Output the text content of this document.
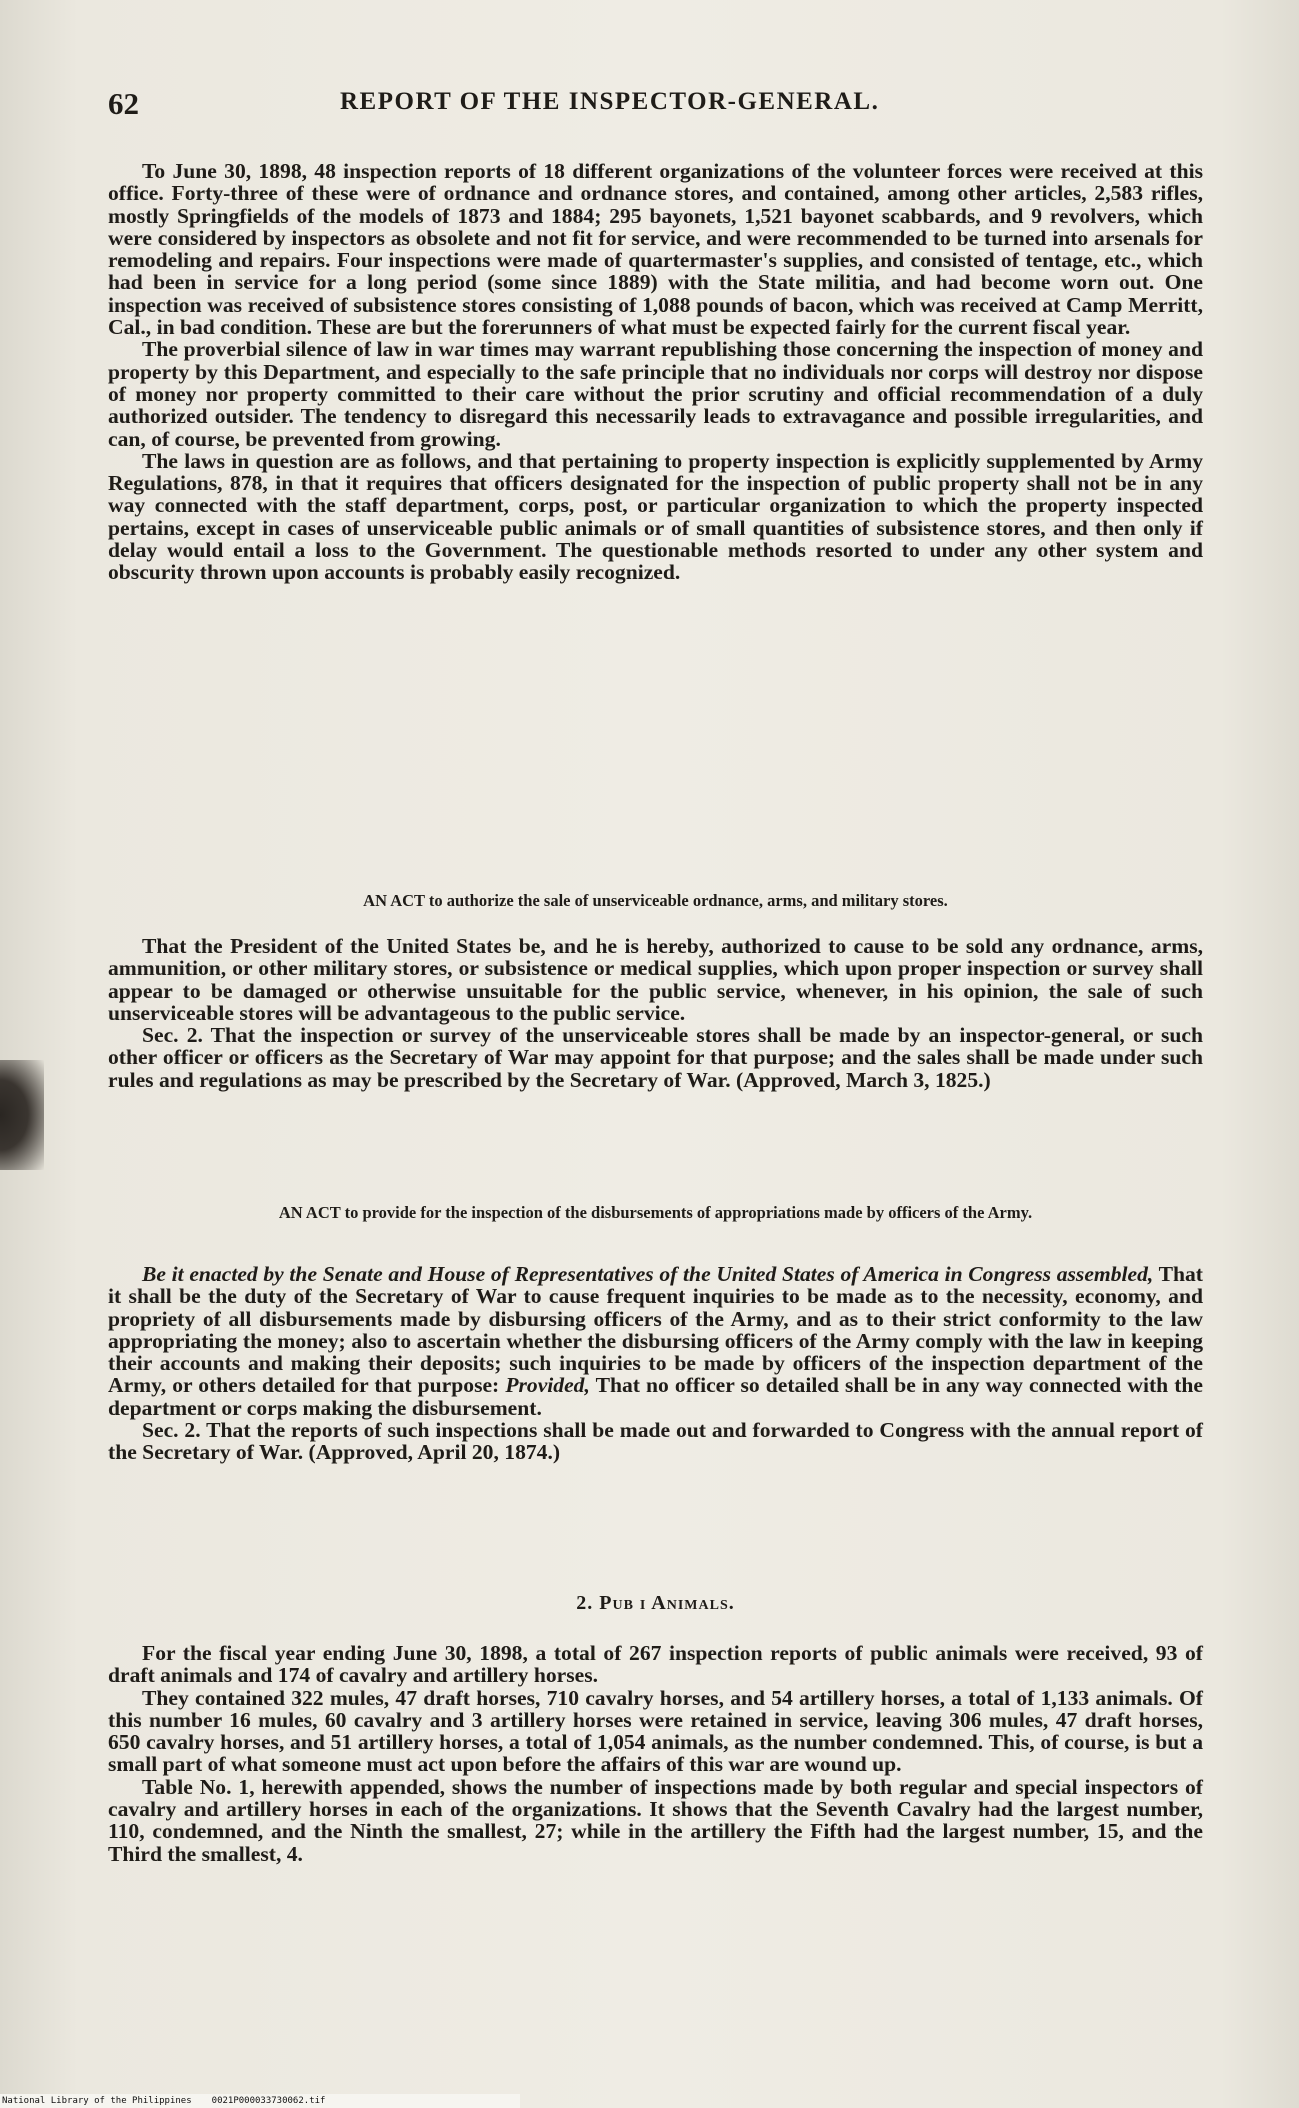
62	REPORT OF THE INSPECTOR-GENERAL.

To June 30, 1898, 48 inspection reports of 18 different organizations of the volunteer forces were received at this office. Forty-three of these were of ordnance and ordnance stores, and contained, among other articles, 2,583 rifles, mostly Springfields of the models of 1873 and 1884; 295 bayonets, 1,521 bayonet scabbards, and 9 revolvers, which were considered by inspectors as obsolete and not fit for service, and were recommended to be turned into arsenals for remodeling and repairs. Four inspections were made of quartermaster's supplies, and consisted of tentage, etc., which had been in service for a long period (some since 1889) with the State militia, and had become worn out. One inspection was received of subsistence stores consisting of 1,088 pounds of bacon, which was received at Camp Merritt, Cal., in bad condition. These are but the forerunners of what must be expected fairly for the current fiscal year.

The proverbial silence of law in war times may warrant republishing those concerning the inspection of money and property by this Department, and especially to the safe principle that no individuals nor corps will destroy nor dispose of money nor property committed to their care without the prior scrutiny and official recommendation of a duly authorized outsider. The tendency to disregard this necessarily leads to extravagance and possible irregularities, and can, of course, be prevented from growing.

The laws in question are as follows, and that pertaining to property inspection is explicitly supplemented by Army Regulations, 878, in that it requires that officers designated for the inspection of public property shall not be in any way connected with the staff department, corps, post, or particular organization to which the property inspected pertains, except in cases of unserviceable public animals or of small quantities of subsistence stores, and then only if delay would entail a loss to the Government. The questionable methods resorted to under any other system and obscurity thrown upon accounts is probably easily recognized.

AN ACT to authorize the sale of unserviceable ordnance, arms, and military stores.

That the President of the United States be, and he is hereby, authorized to cause to be sold any ordnance, arms, ammunition, or other military stores, or subsistence or medical supplies, which upon proper inspection or survey shall appear to be damaged or otherwise unsuitable for the public service, whenever, in his opinion, the sale of such unserviceable stores will be advantageous to the public service.

Sec. 2. That the inspection or survey of the unserviceable stores shall be made by an inspector-general, or such other officer or officers as the Secretary of War may appoint for that purpose; and the sales shall be made under such rules and regulations as may be prescribed by the Secretary of War. (Approved, March 3, 1825.)

AN ACT to provide for the inspection of the disbursements of appropriations made by officers of the Army.

Be it enacted by the Senate and House of Representatives of the United States of America in Congress assembled, That it shall be the duty of the Secretary of War to cause frequent inquiries to be made as to the necessity, economy, and propriety of all disbursements made by disbursing officers of the Army, and as to their strict conformity to the law appropriating the money; also to ascertain whether the disbursing officers of the Army comply with the law in keeping their accounts and making their deposits; such inquiries to be made by officers of the inspection department of the Army, or others detailed for that purpose: Provided, That no officer so detailed shall be in any way connected with the department or corps making the disbursement.

Sec. 2. That the reports of such inspections shall be made out and forwarded to Congress with the annual report of the Secretary of War. (Approved, April 20, 1874.)

2. Pub i Animals.

For the fiscal year ending June 30, 1898, a total of 267 inspection reports of public animals were received, 93 of draft animals and 174 of cavalry and artillery horses.

They contained 322 mules, 47 draft horses, 710 cavalry horses, and 54 artillery horses, a total of 1,133 animals. Of this number 16 mules, 60 cavalry and 3 artillery horses were retained in service, leaving 306 mules, 47 draft horses, 650 cavalry horses, and 51 artillery horses, a total of 1,054 animals, as the number condemned. This, of course, is but a small part of what someone must act upon before the affairs of this war are wound up.

Table No. 1, herewith appended, shows the number of inspections made by both regular and special inspectors of cavalry and artillery horses in each of the organizations. It shows that the Seventh Cavalry had the largest number, 110, condemned, and the Ninth the smallest, 27; while in the artillery the Fifth had the largest number, 15, and the Third the smallest, 4.

National Library of the Philippines 0021P000033730062.tif
